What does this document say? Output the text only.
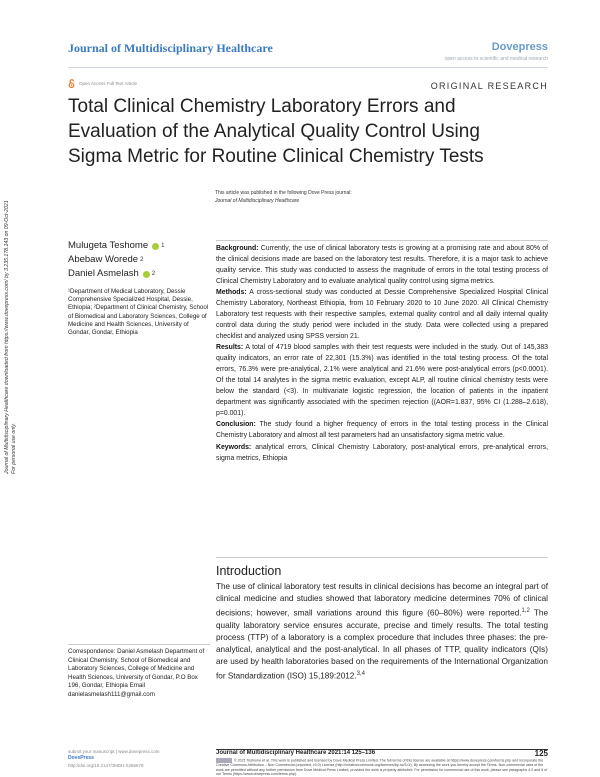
Journal of Multidisciplinary Healthcare	Dovepress
open access to scientific and medical research
Open Access Full Text Article	ORIGINAL RESEARCH
Total Clinical Chemistry Laboratory Errors and
Evaluation of the Analytical Quality Control Using
Sigma Metric for Routine Clinical Chemistry Tests
This article was published in the following Dove Press journal:
Journal of Multidisciplinary Healthcare
Mulugeta Teshome 1
Abebaw Worede 2
Daniel Asmelash 2
¹Department of Medical Laboratory, Dessie Comprehensive Specialized Hospital, Dessie, Ethiopia; ²Department of Clinical Chemistry, School of Biomedical and Laboratory Sciences, College of Medicine and Health Sciences, University of Gondar, Gondar, Ethiopia
Journal of Multidisciplinary Healthcare downloaded from https://www.dovepress.com/ by 3.235.178.143 on 09-Oct-2021 For personal use only.

Background: Currently, the use of clinical laboratory tests is growing at a promising rate and about 80% of the clinical decisions made are based on the laboratory test results. Therefore, it is a major task to achieve quality service. This study was conducted to assess the magnitude of errors in the total testing process of Clinical Chemistry Laboratory and to evaluate analytical quality control using sigma metrics.

Methods: A cross-sectional study was conducted at Dessie Comprehensive Specialized Hospital Clinical Chemistry Laboratory, Northeast Ethiopia, from 10 February 2020 to 10 June 2020. All Clinical Chemistry Laboratory test requests with their respective samples, external quality control and all daily internal quality control data during the study period were included in the study. Data were collected using a prepared checklist and analyzed using SPSS version 21.

Results: A total of 4719 blood samples with their test requests were included in the study. Out of 145,383 quality indicators, an error rate of 22,301 (15.3%) was identified in the total testing process. Of the total errors, 76.3% were pre-analytical, 2.1% were analytical and 21.6% were post-analytical errors (p<0.0001). Of the total 14 analytes in the sigma metric evaluation, except ALP, all routine clinical chemistry tests were below the standard (<3). In multivariate logistic regression, the location of patients in the inpatient department was significantly associated with the specimen rejection ((AOR=1.837, 95% CI (1.288–2.618), p=0.001).

Conclusion: The study found a higher frequency of errors in the total testing process in the Clinical Chemistry Laboratory and almost all test parameters had an unsatisfactory sigma metric value.

Keywords: analytical errors, Clinical Chemistry Laboratory, post-analytical errors, pre-analytical errors, sigma metrics, Ethiopia

Introduction

The use of clinical laboratory test results in clinical decisions has become an integral part of clinical medicine and studies showed that laboratory medicine determines 70% of clinical decisions; however, small variations around this figure (60–80%) were reported.$^{1,2}$ The quality laboratory service ensures accurate, precise and timely results. The total testing process (TTP) of a laboratory is a complex procedure that includes three phases: the pre-analytical, analytical and the post-analytical. In all phases of TTP, quality indicators (QIs) are used by health laboratories based on the requirements of the International Organization for Standardization (ISO) 15,189:2012.$^{3,4}$

Correspondence: Daniel Asmelash Department of Clinical Chemistry, School of Biomedical and Laboratory Sciences, College of Medicine and Health Sciences, University of Gondar, P.O Box 196, Gondar, Ethiopia Email danielasmelash111@gmail.com
submit your manuscript | www.dovepress.com
DovePress
http://doi.org/10.2147/JMDH.S286679
Journal of Multidisciplinary Healthcare 2021:14 125–136	125
© 2021 Teshome et al. This work is published and licensed by Dove Medical Press Limited. The full terms of this license are available at https://www.dovepress.com/terms.php and incorporate the Creative Commons Attribution – Non Commercial (unported, v3.0) License (http://creativecommons.org/licenses/by-nc/3.0/). By accessing the work you hereby accept the Terms. Non-commercial uses of the work are permitted without any further permission from Dove Medical Press Limited, provided the work is properly attributed. For permission for commercial use of this work, please see paragraphs 4.2 and 5 of our Terms (https://www.dovepress.com/terms.php).
